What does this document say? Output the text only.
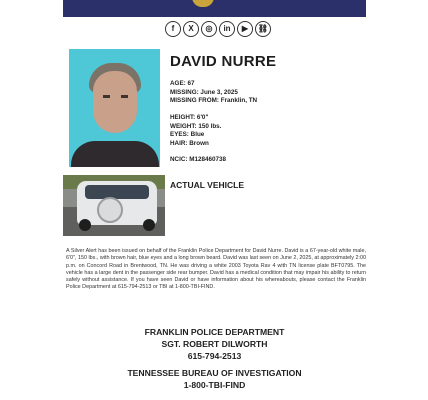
f	X	◎	in	▶	⛓
DAVID NURRE
AGE: 67
MISSING: June 3, 2025
MISSING FROM: Franklin, TN
HEIGHT: 6'0"
WEIGHT: 150 lbs.
EYES: Blue
HAIR: Brown
NCIC: M128460738
ACTUAL VEHICLE
A Silver Alert has been issued on behalf of the Franklin Police Department for David Nurre. David is a 67-year-old white male, 6'0", 150 lbs., with brown hair, blue eyes and a long brown beard. David was last seen on June 2, 2025, at approximately 2:00 p.m. on Concord Road in Brentwood, TN. He was driving a white 2003 Toyota Rav 4 with TN license plate BFT0795. The vehicle has a large dent in the passenger side rear bumper. David has a medical condition that may impair his ability to return safely without assistance. If you have seen David or have information about his whereabouts, please contact the Franklin Police Department at 615-794-2513 or TBI at 1-800-TBI-FIND.
FRANKLIN POLICE DEPARTMENT
SGT. ROBERT DILWORTH
615-794-2513
TENNESSEE BUREAU OF INVESTIGATION
1-800-TBI-FIND
